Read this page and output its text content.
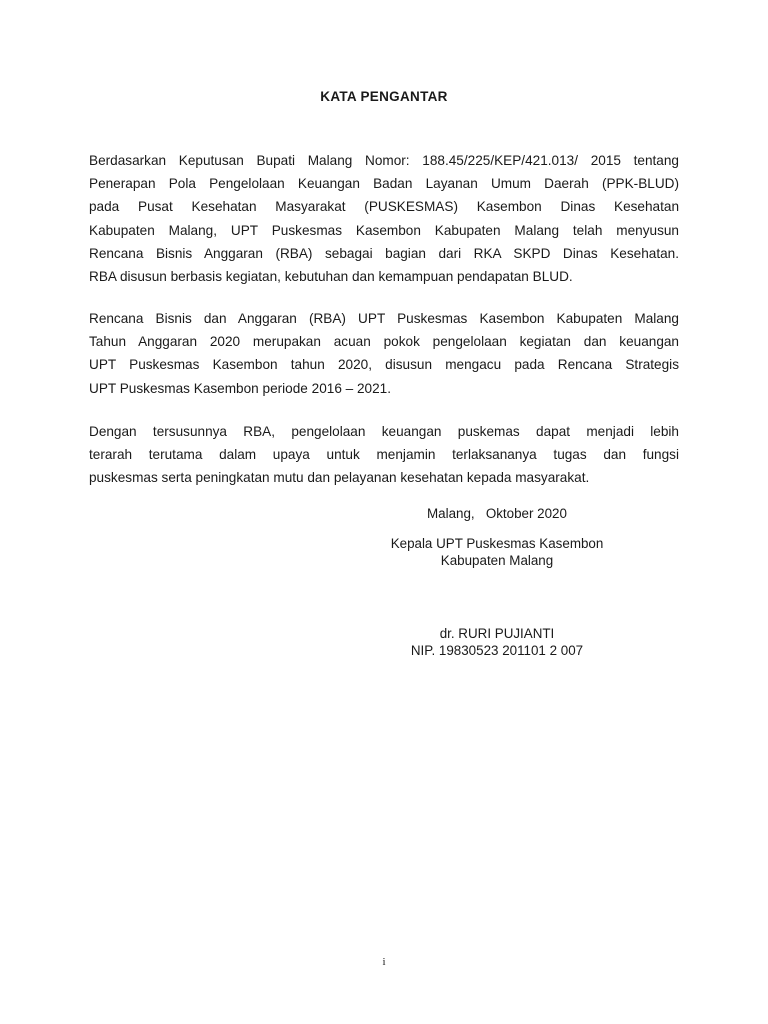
KATA PENGANTAR
Berdasarkan Keputusan Bupati Malang Nomor: 188.45/225/KEP/421.013/ 2015 tentang
Penerapan Pola Pengelolaan Keuangan Badan Layanan Umum Daerah (PPK-BLUD)
pada Pusat Kesehatan Masyarakat (PUSKESMAS) Kasembon Dinas Kesehatan
Kabupaten Malang, UPT Puskesmas Kasembon Kabupaten Malang telah menyusun
Rencana Bisnis Anggaran (RBA) sebagai bagian dari RKA SKPD Dinas Kesehatan.
RBA disusun berbasis kegiatan, kebutuhan dan kemampuan pendapatan BLUD.
Rencana Bisnis dan Anggaran (RBA) UPT Puskesmas Kasembon Kabupaten Malang
Tahun Anggaran 2020 merupakan acuan pokok pengelolaan kegiatan dan keuangan
UPT Puskesmas Kasembon tahun 2020, disusun mengacu pada Rencana Strategis
UPT Puskesmas Kasembon periode 2016 – 2021.
Dengan tersusunnya RBA, pengelolaan keuangan puskemas dapat menjadi lebih
terarah terutama dalam upaya untuk menjamin terlaksananya tugas dan fungsi
puskesmas serta peningkatan mutu dan pelayanan kesehatan kepada masyarakat.
Malang,   Oktober 2020
Kepala UPT Puskesmas Kasembon
Kabupaten Malang
dr. RURI PUJIANTI
NIP. 19830523 201101 2 007
i
